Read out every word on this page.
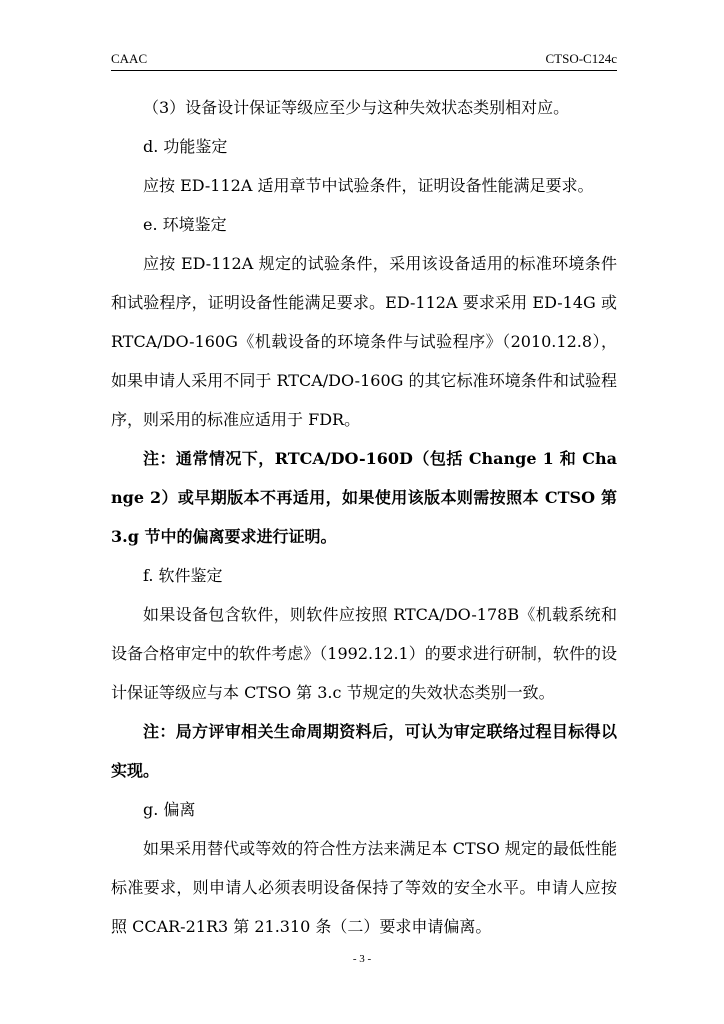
CAAC	CTSO-C124c

（3）设备设计保证等级应至少与这种失效状态类别相对应。

d. 功能鉴定

应按 ED-112A 适用章节中试验条件，证明设备性能满足要求。

e. 环境鉴定

应按 ED-112A 规定的试验条件，采用该设备适用的标准环境条件和试验程序，证明设备性能满足要求。ED-112A 要求采用 ED-14G 或 RTCA/DO-160G《机载设备的环境条件与试验程序》（2010.12.8），如果申请人采用不同于 RTCA/DO-160G 的其它标准环境条件和试验程序，则采用的标准应适用于 FDR。

注：通常情况下，RTCA/DO-160D（包括 Change 1 和 Change 2）或早期版本不再适用，如果使用该版本则需按照本 CTSO 第 3.g 节中的偏离要求进行证明。

f. 软件鉴定

如果设备包含软件，则软件应按照 RTCA/DO-178B《机载系统和设备合格审定中的软件考虑》（1992.12.1）的要求进行研制，软件的设计保证等级应与本 CTSO 第 3.c 节规定的失效状态类别一致。

注：局方评审相关生命周期资料后，可认为审定联络过程目标得以实现。

g. 偏离

如果采用替代或等效的符合性方法来满足本 CTSO 规定的最低性能标准要求，则申请人必须表明设备保持了等效的安全水平。申请人应按照 CCAR-21R3 第 21.310 条（二）要求申请偏离。

- 3 -
